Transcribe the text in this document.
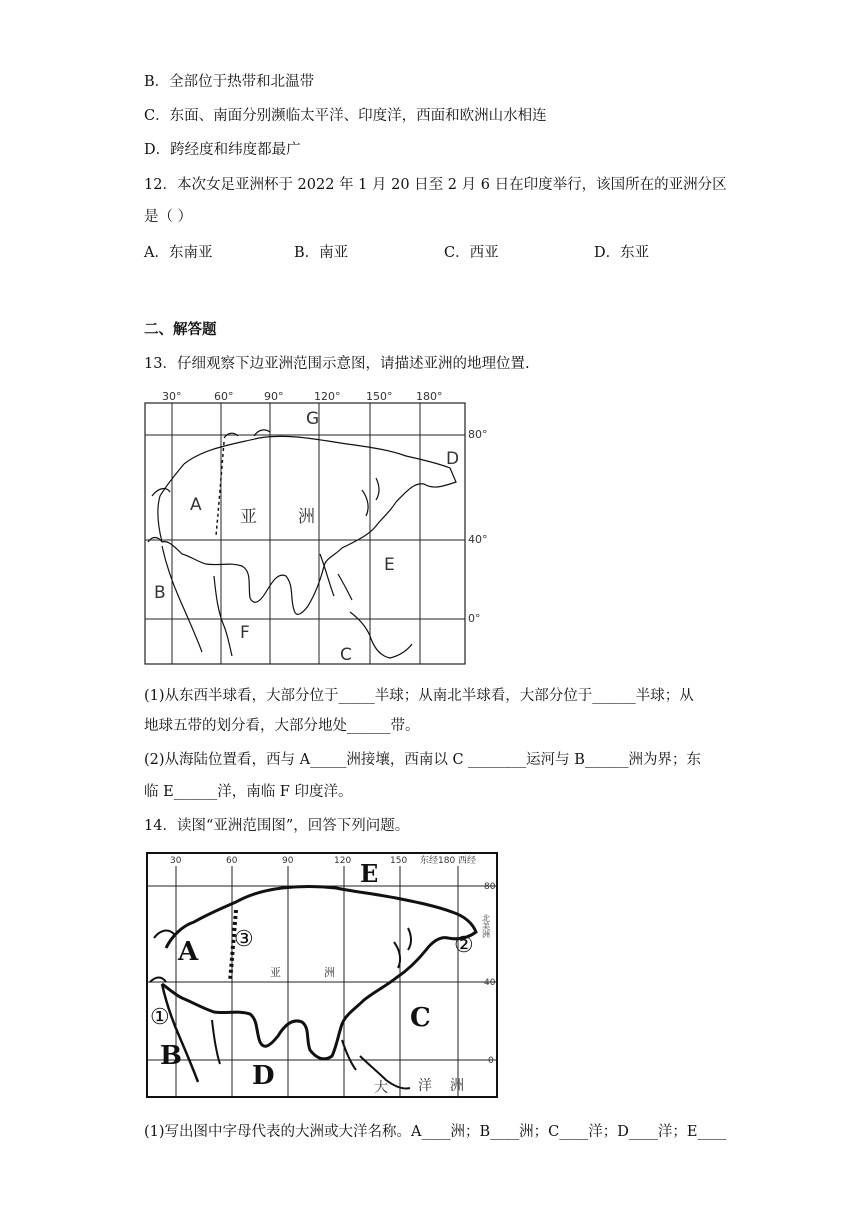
B．全部位于热带和北温带
C．东面、南面分别濒临太平洋、印度洋，西面和欧洲山水相连
D．跨经度和纬度都最广
12．本次女足亚洲杯于 2022 年 1 月 20 日至 2 月 6 日在印度举行，该国所在的亚洲分区
是（ ）
A．东南亚	B．南亚	C．西亚	D．东亚
二、解答题
13．仔细观察下边亚洲范围示意图，请描述亚洲的地理位置.
30°	60°	90°	120° 150° 180°
80°
40°
0°
G
D
A
B
E
F
C
亚 洲
(1)从东西半球看，大部分位于_____半球；从南北半球看，大部分位于______半球；从
地球五带的划分看，大部分地处______带。
(2)从海陆位置看，西与 A_____洲接壤，西南以 C ________运河与 B______洲为界；东
临 E______洋，南临 F 印度洋。
14．读图“亚洲范围图”，回答下列问题。
30	60	90	120	150 东经180 西经
80
40
0
E
A
B
C
D
①
②
③
亚	洲
大 洋 洲
北美洲
(1)写出图中字母代表的大洲或大洋名称。A____洲；B____洲；C____洋；D____洋；E____
